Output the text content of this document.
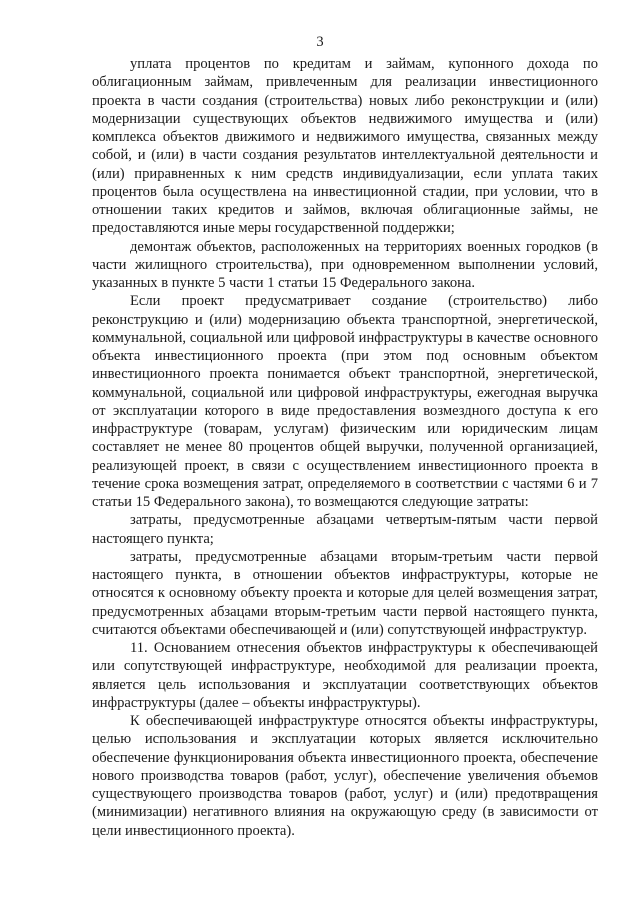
3

уплата процентов по кредитам и займам, купонного дохода по облигационным займам, привлеченным для реализации инвестиционного проекта в части создания (строительства) новых либо реконструкции и (или) модернизации существующих объектов недвижимого имущества и (или) комплекса объектов движимого и недвижимого имущества, связанных между собой, и (или) в части создания результатов интеллектуальной деятельности и (или) приравненных к ним средств индивидуализации, если уплата таких процентов была осуществлена на инвестиционной стадии, при условии, что в отношении таких кредитов и займов, включая облигационные займы, не предоставляются иные меры государственной поддержки;

демонтаж объектов, расположенных на территориях военных городков (в части жилищного строительства), при одновременном выполнении условий, указанных в пункте 5 части 1 статьи 15 Федерального закона.

Если проект предусматривает создание (строительство) либо реконструкцию и (или) модернизацию объекта транспортной, энергетической, коммунальной, социальной или цифровой инфраструктуры в качестве основного объекта инвестиционного проекта (при этом под основным объектом инвестиционного проекта понимается объект транспортной, энергетической, коммунальной, социальной или цифровой инфраструктуры, ежегодная выручка от эксплуатации которого в виде предоставления возмездного доступа к его инфраструктуре (товарам, услугам) физическим или юридическим лицам составляет не менее 80 процентов общей выручки, полученной организацией, реализующей проект, в связи с осуществлением инвестиционного проекта в течение срока возмещения затрат, определяемого в соответствии с частями 6 и 7 статьи 15 Федерального закона), то возмещаются следующие затраты:

затраты, предусмотренные абзацами четвертым-пятым части первой настоящего пункта;

затраты, предусмотренные абзацами вторым-третьим части первой настоящего пункта, в отношении объектов инфраструктуры, которые не относятся к основному объекту проекта и которые для целей возмещения затрат, предусмотренных абзацами вторым-третьим части первой настоящего пункта, считаются объектами обеспечивающей и (или) сопутствующей инфраструктур.

11. Основанием отнесения объектов инфраструктуры к обеспечивающей или сопутствующей инфраструктуре, необходимой для реализации проекта, является цель использования и эксплуатации соответствующих объектов инфраструктуры (далее – объекты инфраструктуры).

К обеспечивающей инфраструктуре относятся объекты инфраструктуры, целью использования и эксплуатации которых является исключительно обеспечение функционирования объекта инвестиционного проекта, обеспечение нового производства товаров (работ, услуг), обеспечение увеличения объемов существующего производства товаров (работ, услуг) и (или) предотвращения (минимизации) негативного влияния на окружающую среду (в зависимости от цели инвестиционного проекта).
